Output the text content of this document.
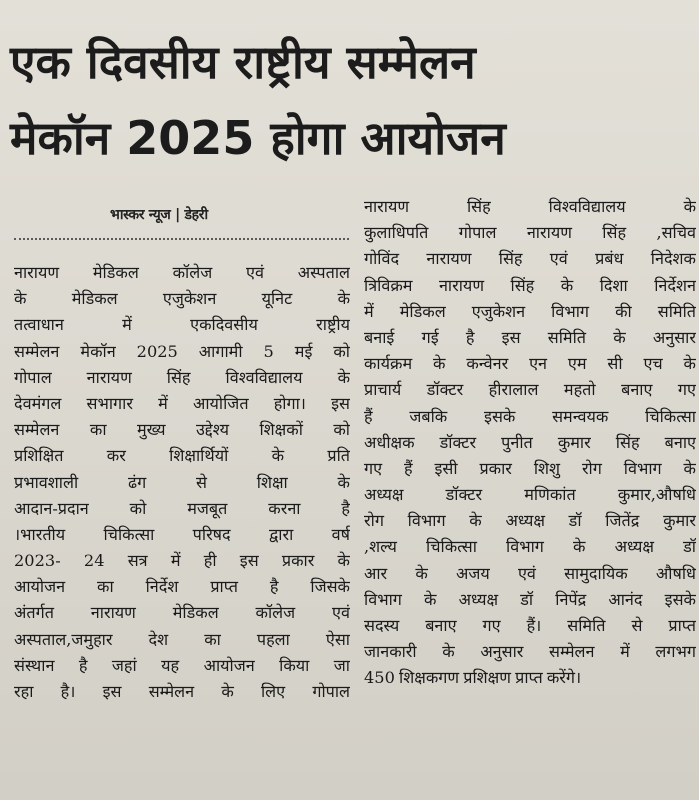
एक दिवसीय राष्ट्रीय सम्मेलन
मेकॉन 2025 होगा आयोजन
भास्कर न्यूज | डेहरी
नारायण मेडिकल कॉलेज एवं अस्पताल
के मेडिकल एजुकेशन यूनिट के
तत्वाधान में एकदिवसीय राष्ट्रीय
सम्मेलन मेकॉन 2025 आगामी 5 मई को
गोपाल नारायण सिंह विश्वविद्यालय के
देवमंगल सभागार में आयोजित होगा। इस
सम्मेलन का मुख्य उद्देश्य शिक्षकों को
प्रशिक्षित कर शिक्षार्थियों के प्रति
प्रभावशाली ढंग से शिक्षा के
आदान-प्रदान को मजबूत करना है
।भारतीय चिकित्सा परिषद द्वारा वर्ष
2023- 24 सत्र में ही इस प्रकार के
आयोजन का निर्देश प्राप्त है जिसके
अंतर्गत नारायण मेडिकल कॉलेज एवं
अस्पताल,जमुहार देश का पहला ऐसा
संस्थान है जहां यह आयोजन किया जा
रहा है। इस सम्मेलन के लिए गोपाल
नारायण सिंह विश्वविद्यालय के
कुलाधिपति गोपाल नारायण सिंह ,सचिव
गोविंद नारायण सिंह एवं प्रबंध निदेशक
त्रिविक्रम नारायण सिंह के दिशा निर्देशन
में मेडिकल एजुकेशन विभाग की समिति
बनाई गई है इस समिति के अनुसार
कार्यक्रम के कन्वेनर एन एम सी एच के
प्राचार्य डॉक्टर हीरालाल महतो बनाए गए
हैं जबकि इसके समन्वयक चिकित्सा
अधीक्षक डॉक्टर पुनीत कुमार सिंह बनाए
गए हैं इसी प्रकार शिशु रोग विभाग के
अध्यक्ष डॉक्टर मणिकांत कुमार,औषधि
रोग विभाग के अध्यक्ष डॉ जितेंद्र कुमार
,शल्य चिकित्सा विभाग के अध्यक्ष डॉ
आर के अजय एवं सामुदायिक औषधि
विभाग के अध्यक्ष डॉ निपेंद्र आनंद इसके
सदस्य बनाए गए हैं। समिति से प्राप्त
जानकारी के अनुसार सम्मेलन में लगभग
450 शिक्षकगण प्रशिक्षण प्राप्त करेंगे।
